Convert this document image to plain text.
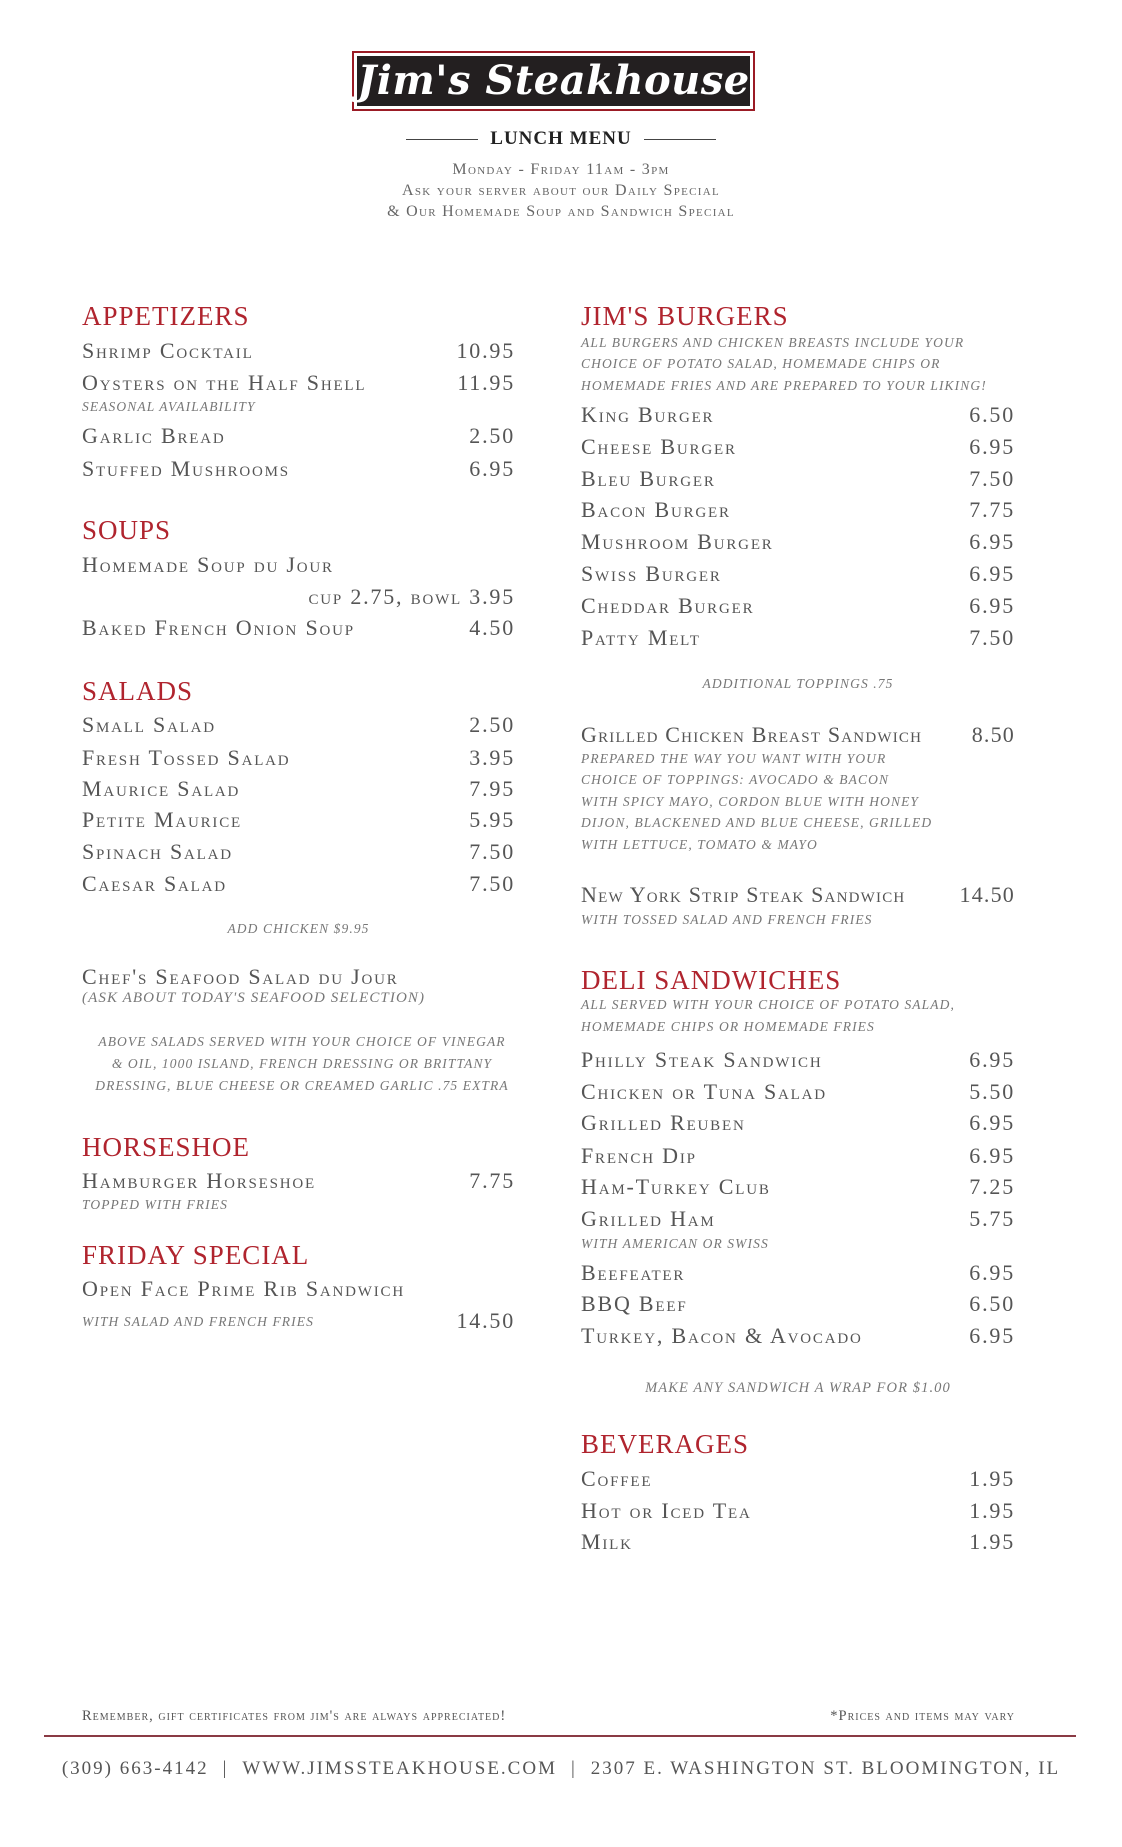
Jim's Steakhouse
LUNCH MENU
Monday - Friday 11am - 3pm
Ask your server about our Daily Special
& Our Homemade Soup and Sandwich Special
APPETIZERS
Shrimp Cocktail	10.95
Oysters on the Half Shell	11.95
SEASONAL AVAILABILITY
Garlic Bread	2.50
Stuffed Mushrooms	6.95
SOUPS
Homemade Soup du Jour
cup 2.75, bowl 3.95
Baked French Onion Soup	4.50
SALADS
Small Salad	2.50
Fresh Tossed Salad	3.95
Maurice Salad	7.95
Petite Maurice	5.95
Spinach Salad	7.50
Caesar Salad	7.50
ADD CHICKEN $9.95
Chef's Seafood Salad du Jour
(ASK ABOUT TODAY'S SEAFOOD SELECTION)
ABOVE SALADS SERVED WITH YOUR CHOICE OF VINEGAR
& OIL, 1000 ISLAND, FRENCH DRESSING OR BRITTANY
DRESSING, BLUE CHEESE OR CREAMED GARLIC .75 EXTRA
HORSESHOE
Hamburger Horseshoe	7.75
TOPPED WITH FRIES
FRIDAY SPECIAL
Open Face Prime Rib Sandwich
WITH SALAD AND FRENCH FRIES	14.50
JIM'S BURGERS
ALL BURGERS AND CHICKEN BREASTS INCLUDE YOUR
CHOICE OF POTATO SALAD, HOMEMADE CHIPS OR
HOMEMADE FRIES AND ARE PREPARED TO YOUR LIKING!
King Burger	6.50
Cheese Burger	6.95
Bleu Burger	7.50
Bacon Burger	7.75
Mushroom Burger	6.95
Swiss Burger	6.95
Cheddar Burger	6.95
Patty Melt	7.50
ADDITIONAL TOPPINGS .75
Grilled Chicken Breast Sandwich 8.50
PREPARED THE WAY YOU WANT WITH YOUR
CHOICE OF TOPPINGS: AVOCADO & BACON
WITH SPICY MAYO, CORDON BLUE WITH HONEY
DIJON, BLACKENED AND BLUE CHEESE, GRILLED
WITH LETTUCE, TOMATO & MAYO
New York Strip Steak Sandwich 14.50
WITH TOSSED SALAD AND FRENCH FRIES
DELI SANDWICHES
ALL SERVED WITH YOUR CHOICE OF POTATO SALAD,
HOMEMADE CHIPS OR HOMEMADE FRIES
Philly Steak Sandwich	6.95
Chicken or Tuna Salad	5.50
Grilled Reuben	6.95
French Dip	6.95
Ham-Turkey Club	7.25
Grilled Ham	5.75
WITH AMERICAN OR SWISS
Beefeater	6.95
BBQ Beef	6.50
Turkey, Bacon & Avocado	6.95
MAKE ANY SANDWICH A WRAP FOR $1.00
BEVERAGES
Coffee	1.95
Hot or Iced Tea	1.95
Milk	1.95
Remember, gift certificates from jim's are always appreciated!	*Prices and items may vary
(309) 663-4142 | WWW.JIMSSTEAKHOUSE.COM | 2307 E. WASHINGTON ST. BLOOMINGTON, IL
